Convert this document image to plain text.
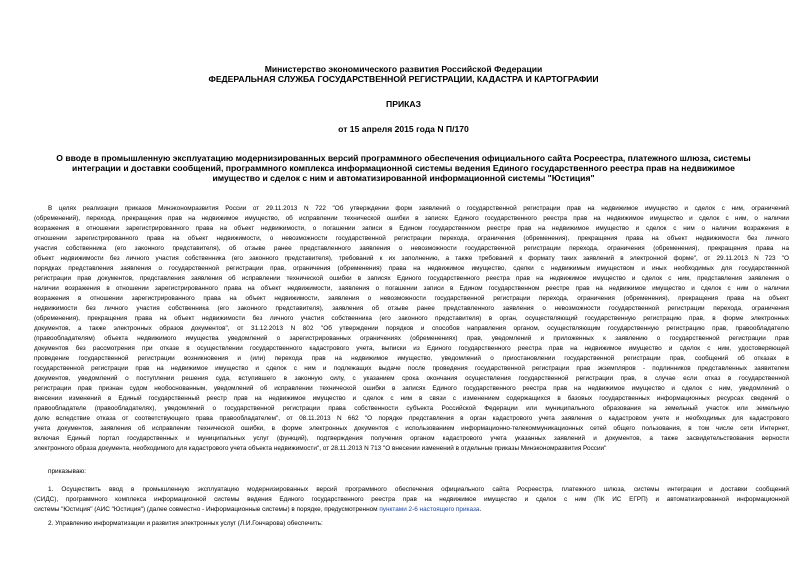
Министерство экономического развития Российской Федерации
ФЕДЕРАЛЬНАЯ СЛУЖБА ГОСУДАРСТВЕННОЙ РЕГИСТРАЦИИ, КАДАСТРА И КАРТОГРАФИИ
ПРИКАЗ
от 15 апреля 2015 года N П/170
О вводе в промышленную эксплуатацию модернизированных версий программного обеспечения официального сайта Росреестра, платежного шлюза, системы
интеграции и доставки сообщений, программного комплекса информационной системы ведения Единого государственного реестра прав на недвижимое
имущество и сделок с ним и автоматизированной информационной системы "Юстиция"
В целях реализации приказов Минэкономразвития России от 29.11.2013 N 722 "Об утверждении форм заявлений о государственной регистрации прав на недвижимое имущество и сделок с ним, ограничений
(обременений), перехода, прекращения прав на недвижимое имущество, об исправлении технической ошибки в записях Единого государственного реестра прав на недвижимое имущество и сделок с ним, о наличии
возражения в отношении зарегистрированного права на объект недвижимости, о погашении записи в Едином государственном реестре прав на недвижимое имущество и сделок с ним о наличии возражения в
отношении зарегистрированного права на объект недвижимости, о невозможности государственной регистрации перехода, ограничения (обременения), прекращения права на объект недвижимости без личного
участия собственника (его законного представителя), об отзыве ранее представленного заявления о невозможности государственной регистрации перехода, ограничения (обременения), прекращения права на
объект недвижимости без личного участия собственника (его законного представителя), требований к их заполнению, а также требований к формату таких заявлений в электронной форме", от 29.11.2013 N 723 "О
порядках представления заявления о государственной регистрации прав, ограничения (обременения) права на недвижимое имущество, сделки с недвижимым имуществом и иных необходимых для государственной
регистрации прав документов, представления заявления об исправлении технической ошибки в записях Единого государственного реестра прав на недвижимое имущество и сделок с ним, представления заявления о
наличии возражения в отношении зарегистрированного права на объект недвижимости, заявления о погашении записи в Едином государственном реестре прав на недвижимое имущество и сделок с ним о наличии
возражения в отношении зарегистрированного права на объект недвижимости, заявления о невозможности государственной регистрации перехода, ограничения (обременения), прекращения права на объект
недвижимости без личного участия собственника (его законного представителя), заявления об отзыве ранее представленного заявления о невозможности государственной регистрации перехода, ограничения
(обременения), прекращения права на объект недвижимости без личного участия собственника (его законного представителя) в орган, осуществляющий государственную регистрацию прав, в форме электронных
документов, а также электронных образов документов", от 31.12.2013 N 802 "Об утверждении порядков и способов направления органом, осуществляющим государственную регистрацию прав, правообладателю
(правообладателям) объекта недвижимого имущества уведомлений о зарегистрированных ограничениях (обременениях) прав, уведомлений и приложенных к заявлению о государственной регистрации прав
документов без рассмотрения при отказе в осуществлении государственного кадастрового учета, выписки из Единого государственного реестра прав на недвижимое имущество и сделок с ним, удостоверяющей
проведение государственной регистрации возникновения и (или) перехода прав на недвижимое имущество, уведомлений о приостановлении государственной регистрации прав, сообщений об отказах в
государственной регистрации прав на недвижимое имущество и сделок с ним и подлежащих выдаче после проведения государственной регистрации прав экземпляров - подлинников представленных заявителем
документов, уведомлений о поступлении решения суда, вступившего в законную силу, с указанием срока окончания осуществления государственной регистрации прав, в случае если отказ в государственной
регистрации прав признан судом необоснованным, уведомлений об исправлении технической ошибки в записях Единого государственного реестра прав на недвижимое имущество и сделок с ним, уведомлений о
внесении изменений в Единый государственный реестр прав на недвижимое имущество и сделок с ним в связи с изменением содержащихся в базовых государственных информационных ресурсах сведений о
правообладателе (правообладателях), уведомлений о государственной регистрации права собственности субъекта Российской Федерации или муниципального образования на земельный участок или земельную
долю вследствие отказа от соответствующего права правообладателем", от 08.11.2013 N 662 "О порядке представления в орган кадастрового учета заявления о кадастровом учете и необходимых для кадастрового
учета документов, заявления об исправлении технической ошибки, в форме электронных документов с использованием информационно-телекоммуникационных сетей общего пользования, в том числе сети Интернет,
включая Единый портал государственных и муниципальных услуг (функций), подтверждения получения органом кадастрового учета указанных заявлений и документов, а также засвидетельствования верности
электронного образа документа, необходимого для кадастрового учета объекта недвижимости", от 28.11.2013 N 713 "О внесении изменений в отдельные приказы Минэкономразвития России"
приказываю:
1. Осуществить ввод в промышленную эксплуатацию модернизированных версий программного обеспечения официального сайта Росреестра, платежного шлюза, системы интеграции и доставки сообщений
(СИДС), программного комплекса информационной системы ведения Единого государственного реестра прав на недвижимое имущество и сделок с ним (ПК ИС ЕГРП) и автоматизированной информационной
системы "Юстиция" (АИС "Юстиция") (далее совместно - Информационные системы) в порядке, предусмотренном пунктами 2-6 настоящего приказа.
2. Управлению информатизации и развития электронных услуг (Л.И.Гончарова) обеспечить:
